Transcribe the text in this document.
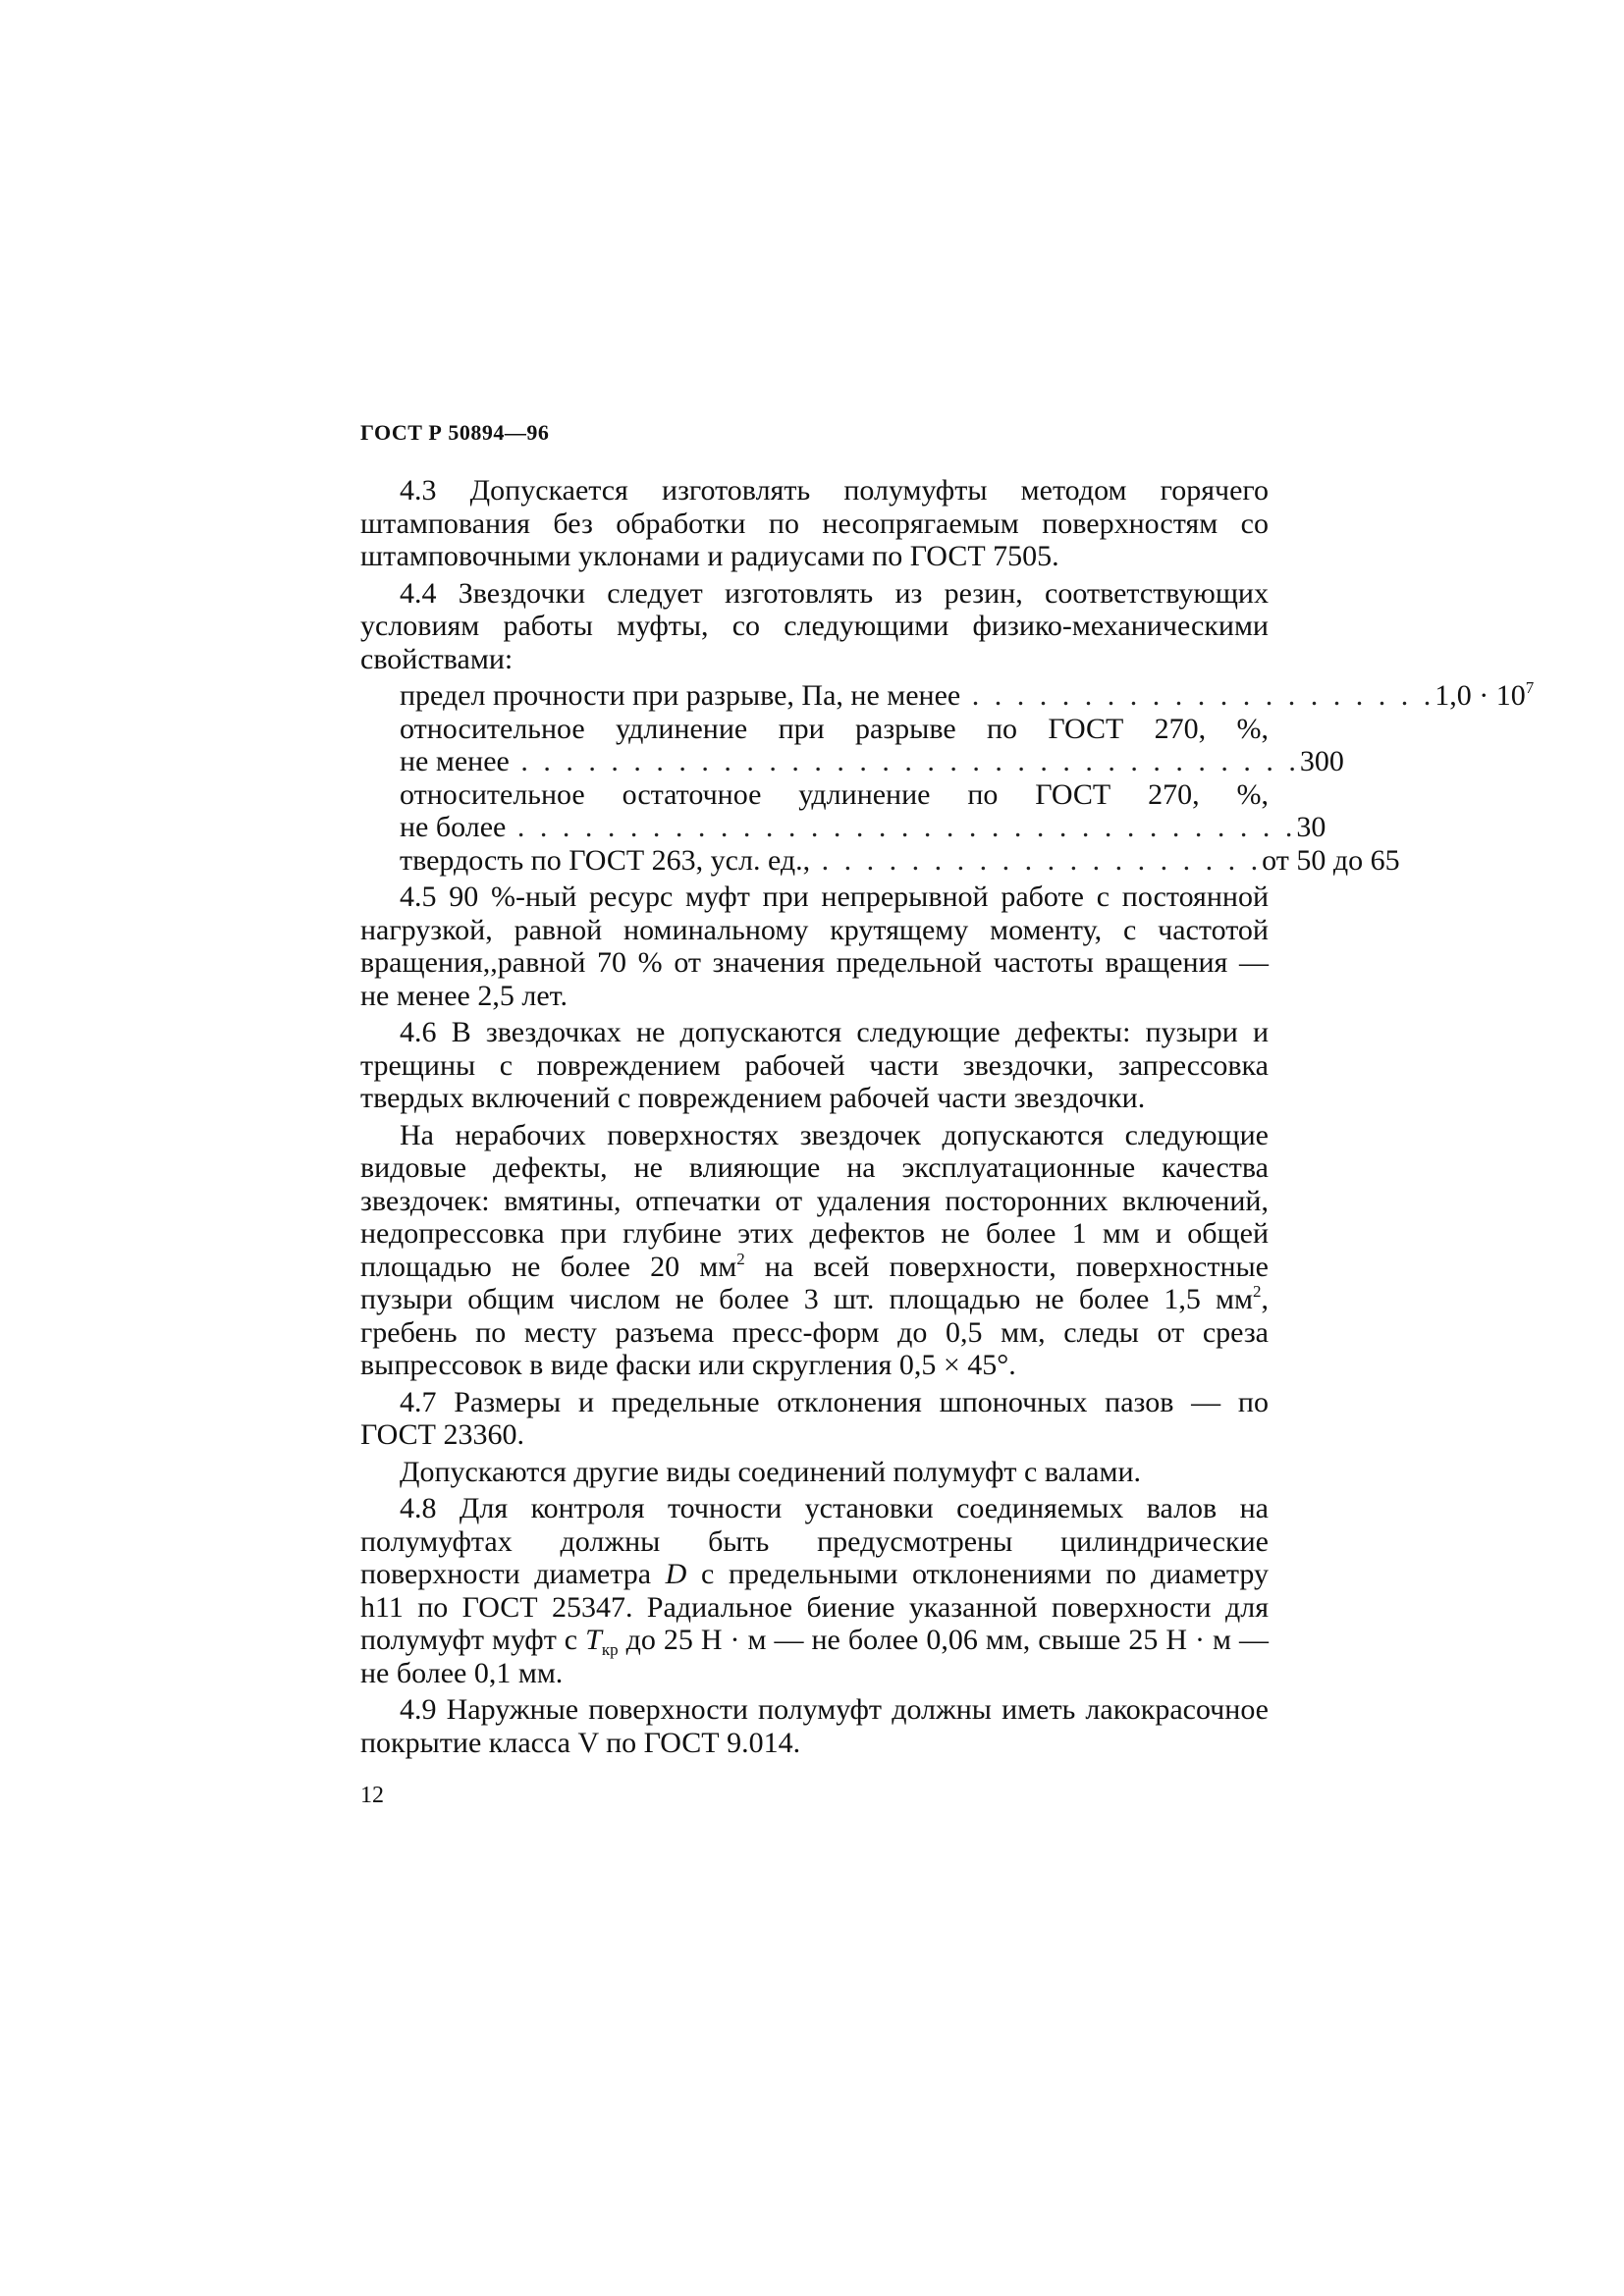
ГОСТ Р 50894—96

4.3 Допускается изготовлять полумуфты методом горячего штампования без обработки по несопрягаемым поверхностям со штамповочными уклонами и радиусами по ГОСТ 7505.

4.4 Звездочки следует изготовлять из резин, соответствующих условиям работы муфты, со следующими физико-механическими свойствами:

предел прочности при разрыве, Па, не менее . . . . . . . . . . . . . . . . . . . . . $1,0 \cdot 10^7$
относительное удлинение при разрыве по ГОСТ 270, %,
не менее . . . . . . . . . . . . . . . . . . . . . . . . . . . . . . . . . . . 300
относительное остаточное удлинение по ГОСТ 270, %,
не более . . . . . . . . . . . . . . . . . . . . . . . . . . . . . . . . . . . 30
твердость по ГОСТ 263, усл. ед., . . . . . . . . . . . . . . . . . . . . от 50 до 65

4.5 90 %-ный ресурс муфт при непрерывной работе с постоянной нагрузкой, равной номинальному крутящему моменту, с частотой вращения,,равной 70 % от значения предельной частоты вращения — не менее 2,5 лет.

4.6 В звездочках не допускаются следующие дефекты: пузыри и трещины с повреждением рабочей части звездочки, запрессовка твердых включений с повреждением рабочей части звездочки.

На нерабочих поверхностях звездочек допускаются следующие видовые дефекты, не влияющие на эксплуатационные качества звездочек: вмятины, отпечатки от удаления посторонних включений, недопрессовка при глубине этих дефектов не более 1 мм и общей площадью не более 20 $мм^2$ на всей поверхности, поверхностные пузыри общим числом не более 3 шт. площадью не более 1,5 $мм^2$, гребень по месту разъема пресс-форм до 0,5 мм, следы от среза выпрессовок в виде фаски или скругления 0,5 × 45°.

4.7 Размеры и предельные отклонения шпоночных пазов — по ГОСТ 23360.

Допускаются другие виды соединений полумуфт с валами.

4.8 Для контроля точности установки соединяемых валов на полумуфтах должны быть предусмотрены цилиндрические поверхности диаметра D с предельными отклонениями по диаметру h11 по ГОСТ 25347. Радиальное биение указанной поверхности для полумуфт муфт с $T_{кр}$ до 25 Н · м — не более 0,06 мм, свыше 25 Н · м — не более 0,1 мм.

4.9 Наружные поверхности полумуфт должны иметь лакокрасочное покрытие класса V по ГОСТ 9.014.

12
